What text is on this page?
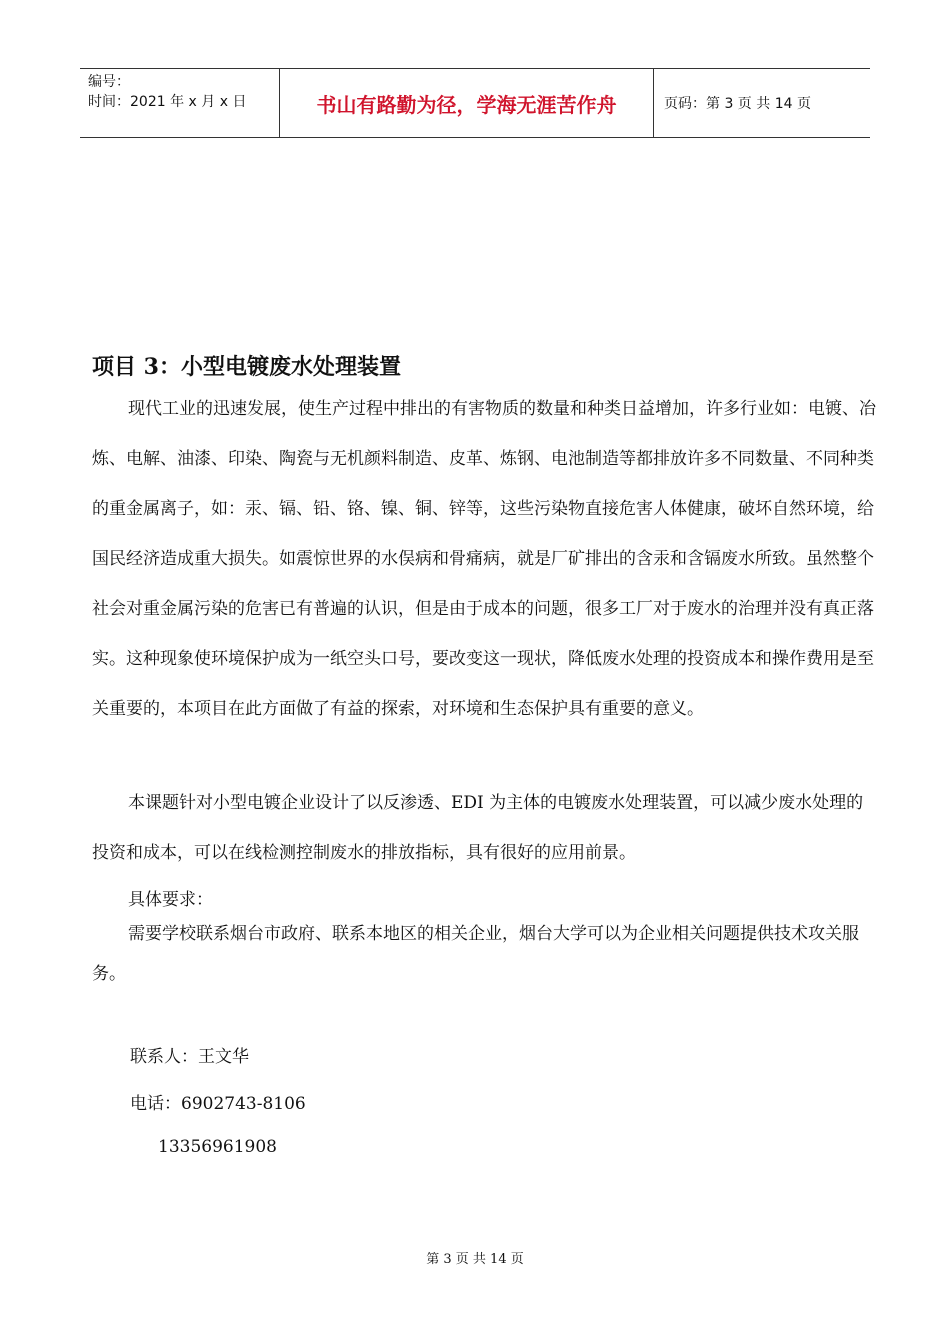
编号：
时间：2021 年 x 月 x 日	书山有路勤为径，学海无涯苦作舟	页码：第 3 页 共 14 页
项目 3：小型电镀废水处理装置
现代工业的迅速发展，使生产过程中排出的有害物质的数量和种类日益增加，许多行业如：电镀、冶炼、电解、油漆、印染、陶瓷与无机颜料制造、皮革、炼钢、电池制造等都排放许多不同数量、不同种类的重金属离子，如：汞、镉、铅、铬、镍、铜、锌等，这些污染物直接危害人体健康，破坏自然环境，给国民经济造成重大损失。如震惊世界的水俣病和骨痛病，就是厂矿排出的含汞和含镉废水所致。虽然整个社会对重金属污染的危害已有普遍的认识，但是由于成本的问题，很多工厂对于废水的治理并没有真正落实。这种现象使环境保护成为一纸空头口号，要改变这一现状，降低废水处理的投资成本和操作费用是至关重要的，本项目在此方面做了有益的探索，对环境和生态保护具有重要的意义。
本课题针对小型电镀企业设计了以反渗透、EDI 为主体的电镀废水处理装置，可以减少废水处理的投资和成本，可以在线检测控制废水的排放指标，具有很好的应用前景。
具体要求：
需要学校联系烟台市政府、联系本地区的相关企业，烟台大学可以为企业相关问题提供技术攻关服务。
联系人：王文华
电话：6902743-8106
13356961908
第 3 页 共 14 页
